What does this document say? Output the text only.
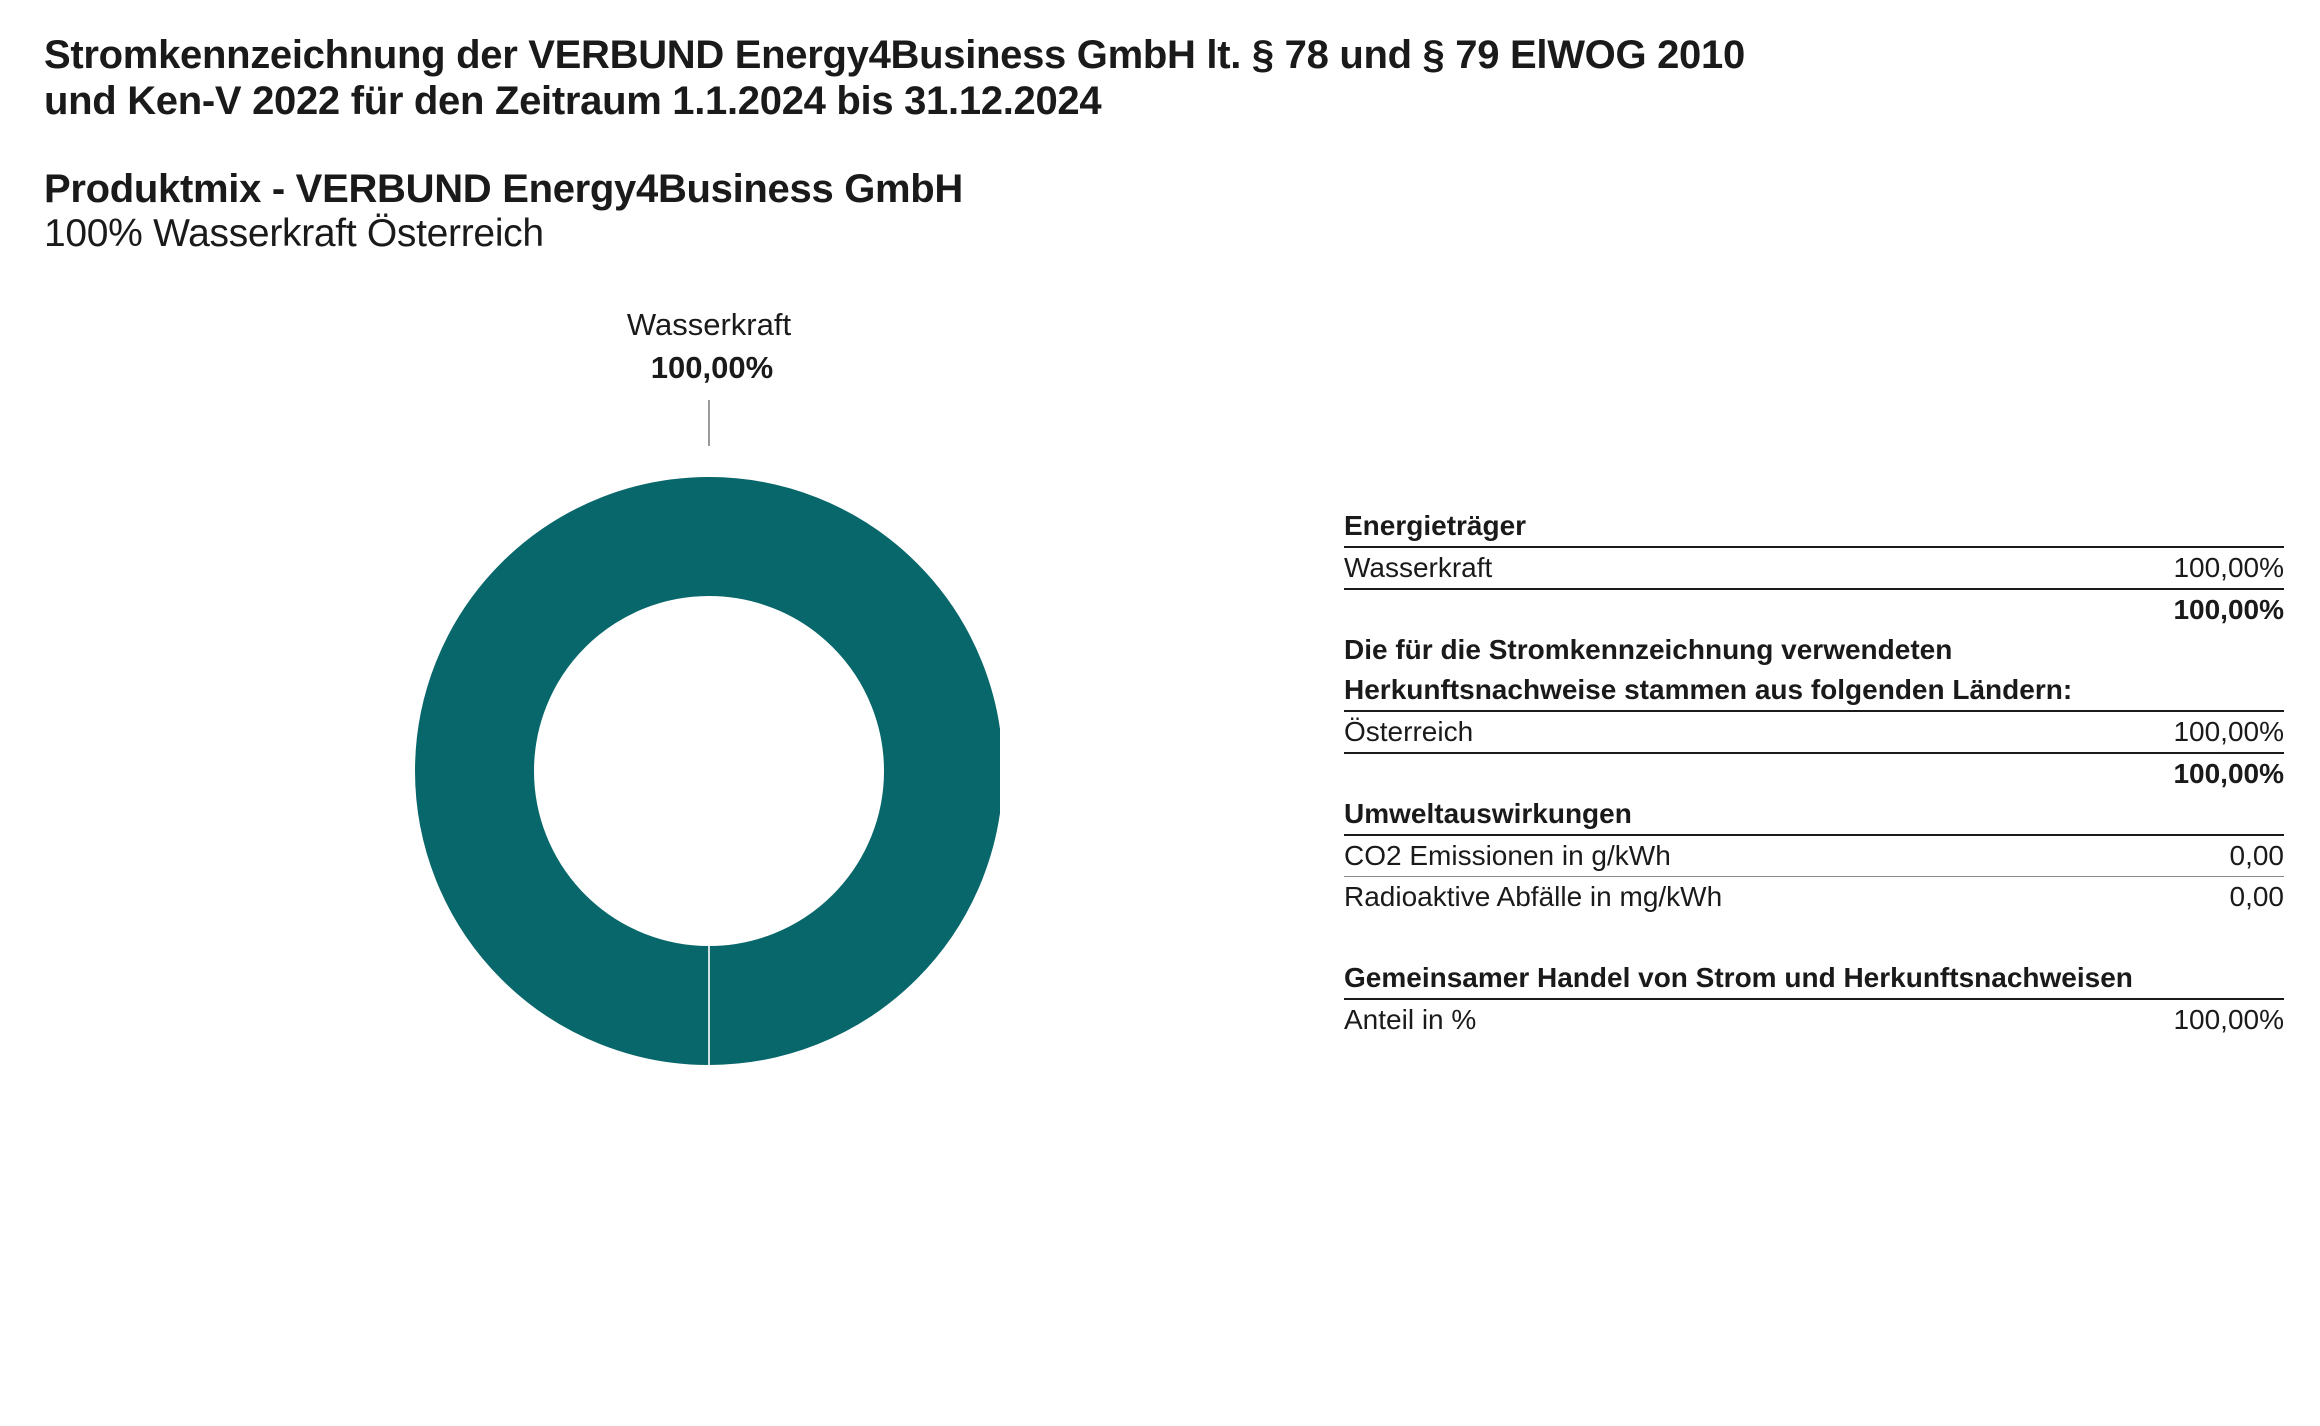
Stromkennzeichnung der VERBUND Energy4Business GmbH lt. § 78 und § 79 ElWOG 2010
und Ken-V 2022 für den Zeitraum 1.1.2024 bis 31.12.2024
Produktmix - VERBUND Energy4Business GmbH

100% Wasserkraft Österreich

Wasserkraft
100,00%
Energieträger
Wasserkraft	100,00%
100,00%
Die für die Stromkennzeichnung verwendeten
Herkunftsnachweise stammen aus folgenden Ländern:
Österreich	100,00%
100,00%
Umweltauswirkungen
CO2 Emissionen in g/kWh	0,00
Radioaktive Abfälle in mg/kWh	0,00
Gemeinsamer Handel von Strom und Herkunftsnachweisen
Anteil in %	100,00%
